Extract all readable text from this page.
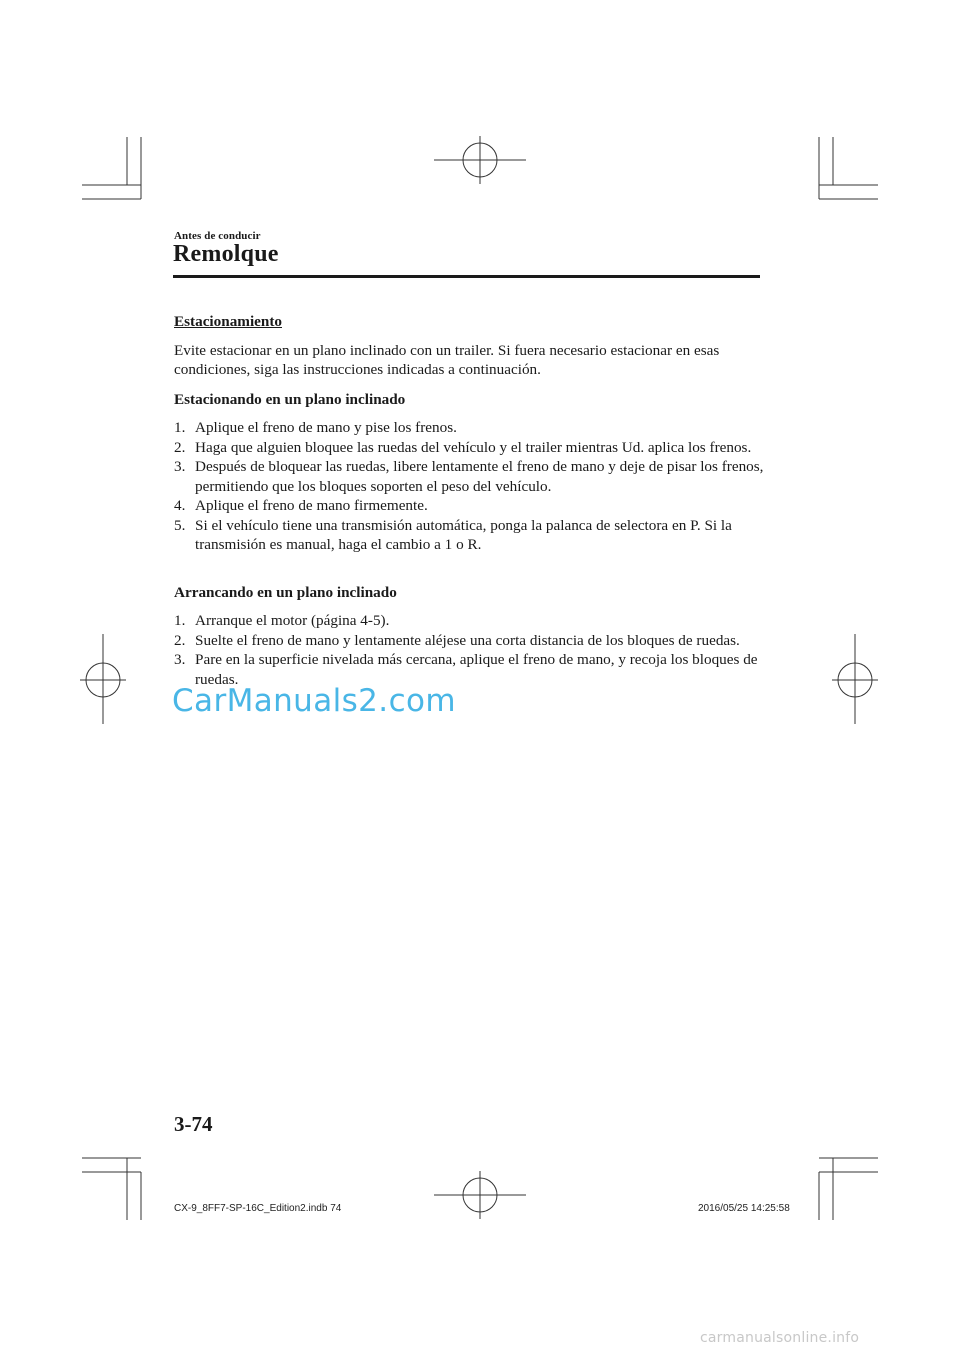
Antes de conducir
Remolque
Estacionamiento
Evite estacionar en un plano inclinado con un trailer. Si fuera necesario estacionar en esas condiciones, siga las instrucciones indicadas a continuación.
Estacionando en un plano inclinado
1. Aplique el freno de mano y pise los frenos.
2. Haga que alguien bloquee las ruedas del vehículo y el trailer mientras Ud. aplica los frenos.
3. Después de bloquear las ruedas, libere lentamente el freno de mano y deje de pisar los frenos, permitiendo que los bloques soporten el peso del vehículo.
4. Aplique el freno de mano firmemente.
5. Si el vehículo tiene una transmisión automática, ponga la palanca de selectora en P. Si la transmisión es manual, haga el cambio a 1 o R.
Arrancando en un plano inclinado
1. Arranque el motor (página 4-5).
2. Suelte el freno de mano y lentamente aléjese una corta distancia de los bloques de ruedas.
3. Pare en la superficie nivelada más cercana, aplique el freno de mano, y recoja los bloques de ruedas.
CarManuals2.com
3-74
CX-9_8FF7-SP-16C_Edition2.indb 74	2016/05/25 14:25:58
carmanualsonline.info
